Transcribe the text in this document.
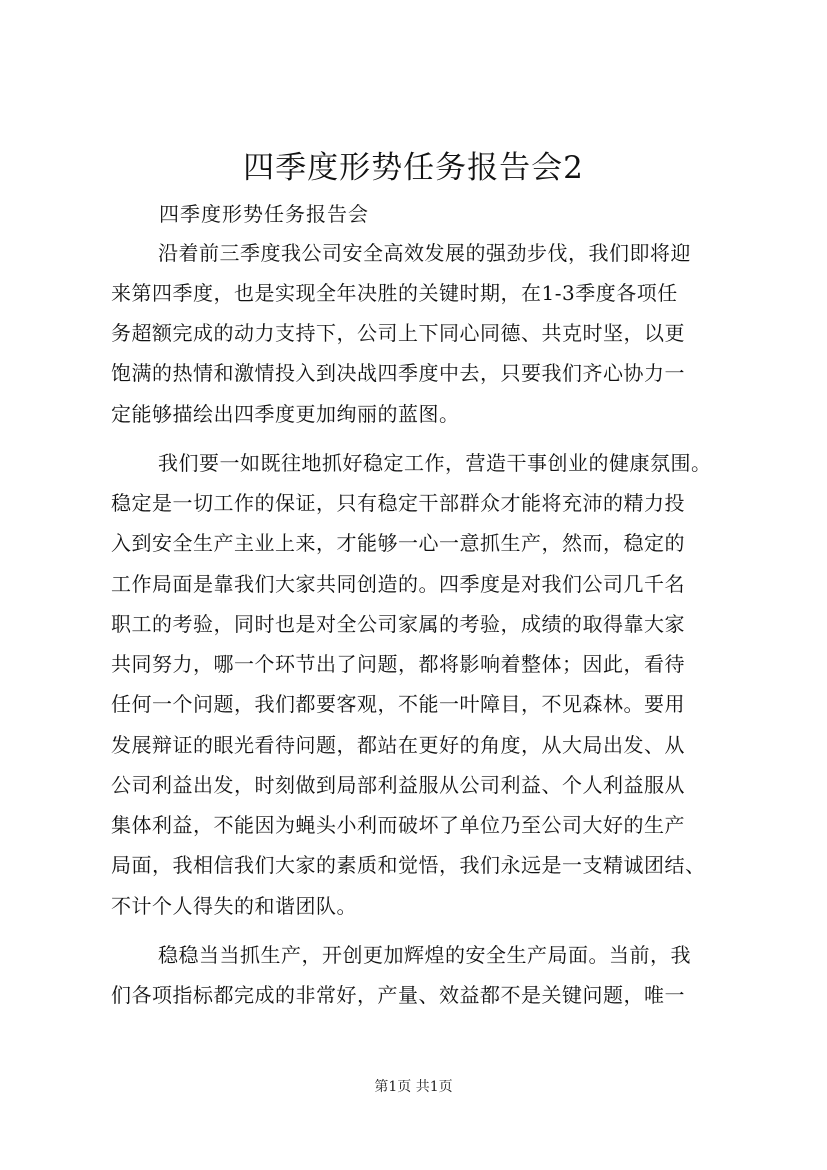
四季度形势任务报告会2
四季度形势任务报告会
沿着前三季度我公司安全高效发展的强劲步伐，我们即将迎
来第四季度，也是实现全年决胜的关键时期，在1-3季度各项任
务超额完成的动力支持下，公司上下同心同德、共克时坚，以更
饱满的热情和激情投入到决战四季度中去，只要我们齐心协力一
定能够描绘出四季度更加绚丽的蓝图。
我们要一如既往地抓好稳定工作，营造干事创业的健康氛围。
稳定是一切工作的保证，只有稳定干部群众才能将充沛的精力投
入到安全生产主业上来，才能够一心一意抓生产，然而，稳定的
工作局面是靠我们大家共同创造的。四季度是对我们公司几千名
职工的考验，同时也是对全公司家属的考验，成绩的取得靠大家
共同努力，哪一个环节出了问题，都将影响着整体；因此，看待
任何一个问题，我们都要客观，不能一叶障目，不见森林。要用
发展辩证的眼光看待问题，都站在更好的角度，从大局出发、从
公司利益出发，时刻做到局部利益服从公司利益、个人利益服从
集体利益，不能因为蝇头小利而破坏了单位乃至公司大好的生产
局面，我相信我们大家的素质和觉悟，我们永远是一支精诚团结、
不计个人得失的和谐团队。
稳稳当当抓生产，开创更加辉煌的安全生产局面。当前，我
们各项指标都完成的非常好，产量、效益都不是关键问题，唯一
第1页 共1页
